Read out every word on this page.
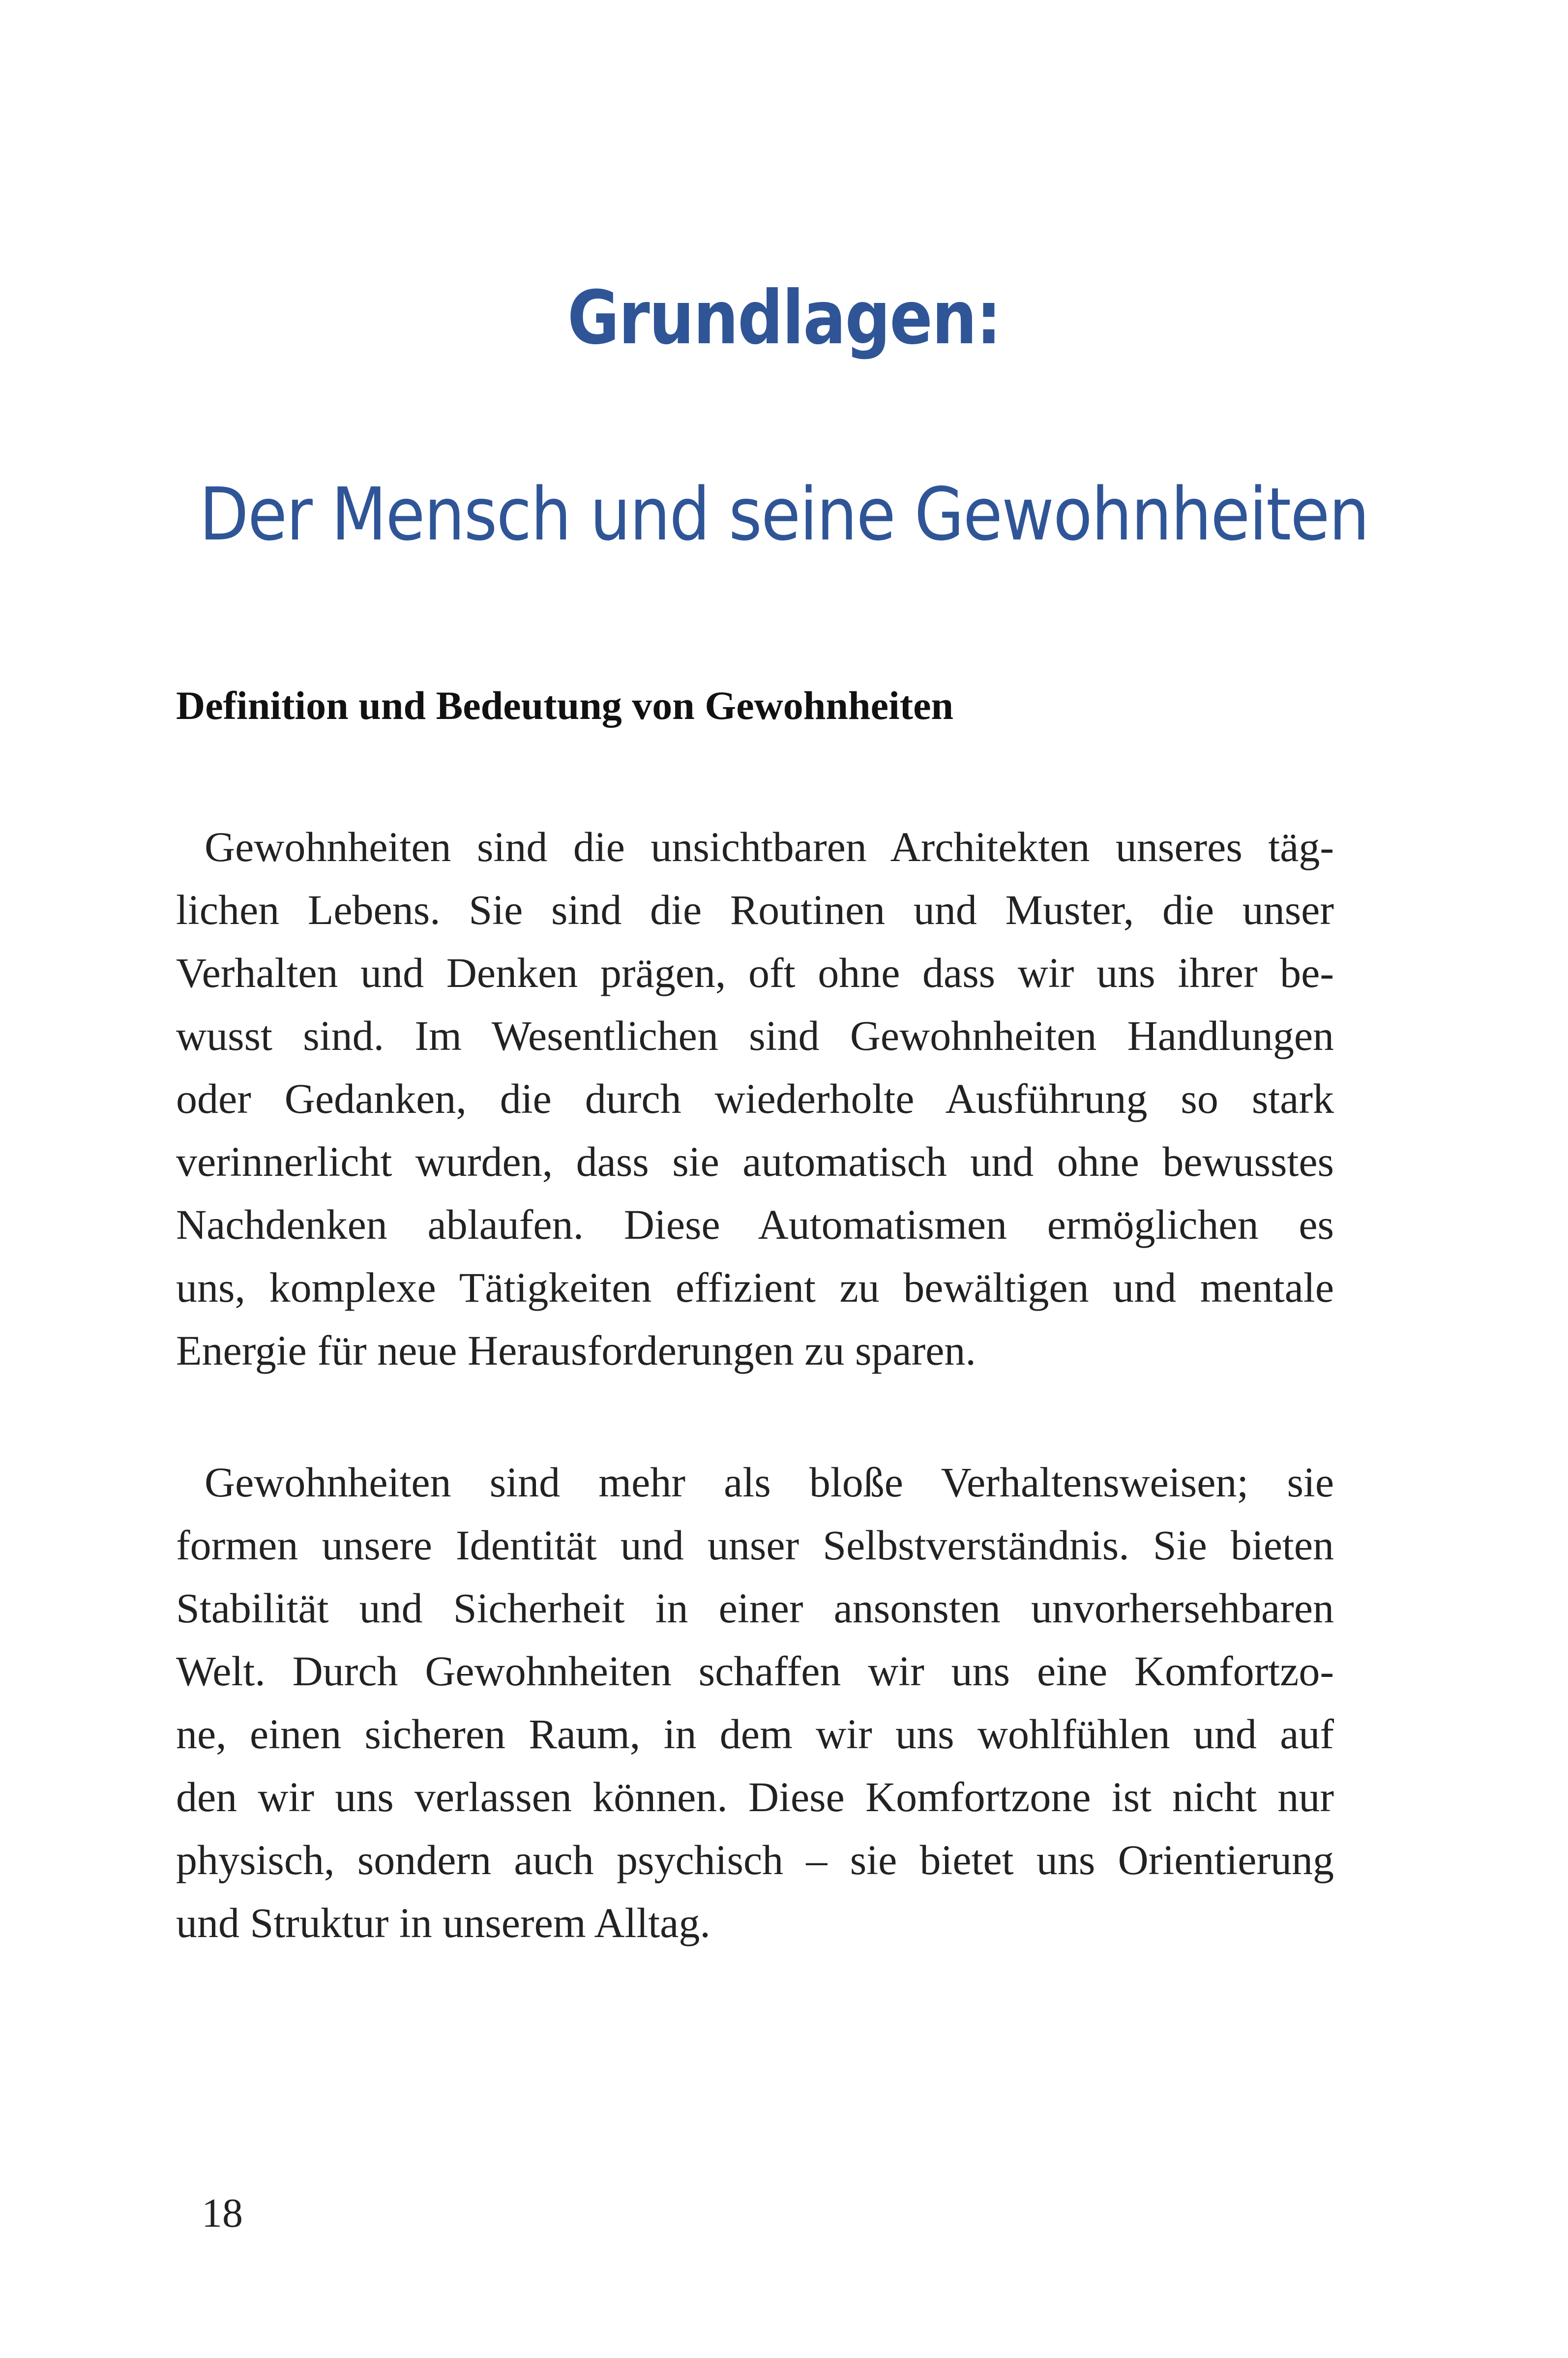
Grundlagen:
Der Mensch und seine Gewohnheiten
Definition und Bedeutung von Gewohnheiten
Gewohnheiten sind die unsichtbaren Architekten unseres täg-
lichen Lebens. Sie sind die Routinen und Muster, die unser
Verhalten und Denken prägen, oft ohne dass wir uns ihrer be-
wusst sind. Im Wesentlichen sind Gewohnheiten Handlungen
oder Gedanken, die durch wiederholte Ausführung so stark
verinnerlicht wurden, dass sie automatisch und ohne bewusstes
Nachdenken ablaufen. Diese Automatismen ermöglichen es
uns, komplexe Tätigkeiten effizient zu bewältigen und mentale
Energie für neue Herausforderungen zu sparen.
Gewohnheiten sind mehr als bloße Verhaltensweisen; sie
formen unsere Identität und unser Selbstverständnis. Sie bieten
Stabilität und Sicherheit in einer ansonsten unvorhersehbaren
Welt. Durch Gewohnheiten schaffen wir uns eine Komfortzo-
ne, einen sicheren Raum, in dem wir uns wohlfühlen und auf
den wir uns verlassen können. Diese Komfortzone ist nicht nur
physisch, sondern auch psychisch – sie bietet uns Orientierung
und Struktur in unserem Alltag.
18
